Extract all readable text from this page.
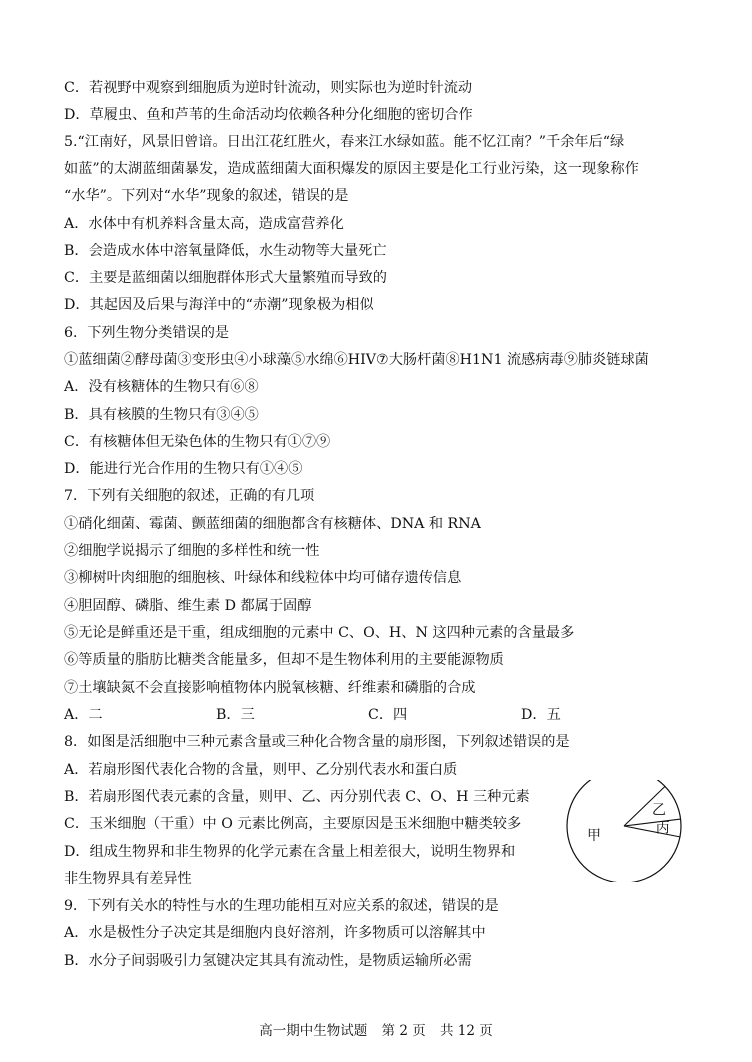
C．若视野中观察到细胞质为逆时针流动，则实际也为逆时针流动
D．草履虫、鱼和芦苇的生命活动均依赖各种分化细胞的密切合作
5.“江南好，风景旧曾谙。日出江花红胜火，春来江水绿如蓝。能不忆江南？”千余年后“绿
如蓝”的太湖蓝细菌暴发，造成蓝细菌大面积爆发的原因主要是化工行业污染，这一现象称作
“水华”。下列对“水华”现象的叙述，错误的是
A．水体中有机养料含量太高，造成富营养化
B．会造成水体中溶氧量降低，水生动物等大量死亡
C．主要是蓝细菌以细胞群体形式大量繁殖而导致的
D．其起因及后果与海洋中的“赤潮”现象极为相似
6．下列生物分类错误的是
①蓝细菌②酵母菌③变形虫④小球藻⑤水绵⑥HIV⑦大肠杆菌⑧H1N1 流感病毒⑨肺炎链球菌
A．没有核糖体的生物只有⑥⑧
B．具有核膜的生物只有③④⑤
C．有核糖体但无染色体的生物只有①⑦⑨
D．能进行光合作用的生物只有①④⑤
7．下列有关细胞的叙述，正确的有几项
①硝化细菌、霉菌、颤蓝细菌的细胞都含有核糖体、DNA 和 RNA
②细胞学说揭示了细胞的多样性和统一性
③柳树叶肉细胞的细胞核、叶绿体和线粒体中均可储存遗传信息
④胆固醇、磷脂、维生素 D 都属于固醇
⑤无论是鲜重还是干重，组成细胞的元素中 C、O、H、N 这四种元素的含量最多
⑥等质量的脂肪比糖类含能量多，但却不是生物体利用的主要能源物质
⑦土壤缺氮不会直接影响植物体内脱氧核糖、纤维素和磷脂的合成
A．二	B．三	C．四	D．五
8．如图是活细胞中三种元素含量或三种化合物含量的扇形图，下列叙述错误的是
A．若扇形图代表化合物的含量，则甲、乙分别代表水和蛋白质
B．若扇形图代表元素的含量，则甲、乙、丙分别代表 C、O、H 三种元素
C．玉米细胞（干重）中 O 元素比例高，主要原因是玉米细胞中糖类较多
D．组成生物界和非生物界的化学元素在含量上相差很大，说明生物界和
非生物界具有差异性
9．下列有关水的特性与水的生理功能相互对应关系的叙述，错误的是
A．水是极性分子决定其是细胞内良好溶剂，许多物质可以溶解其中
B．水分子间弱吸引力氢键决定其具有流动性，是物质运输所必需
乙
丙
甲
高一期中生物试题 第 2 页 共 12 页
